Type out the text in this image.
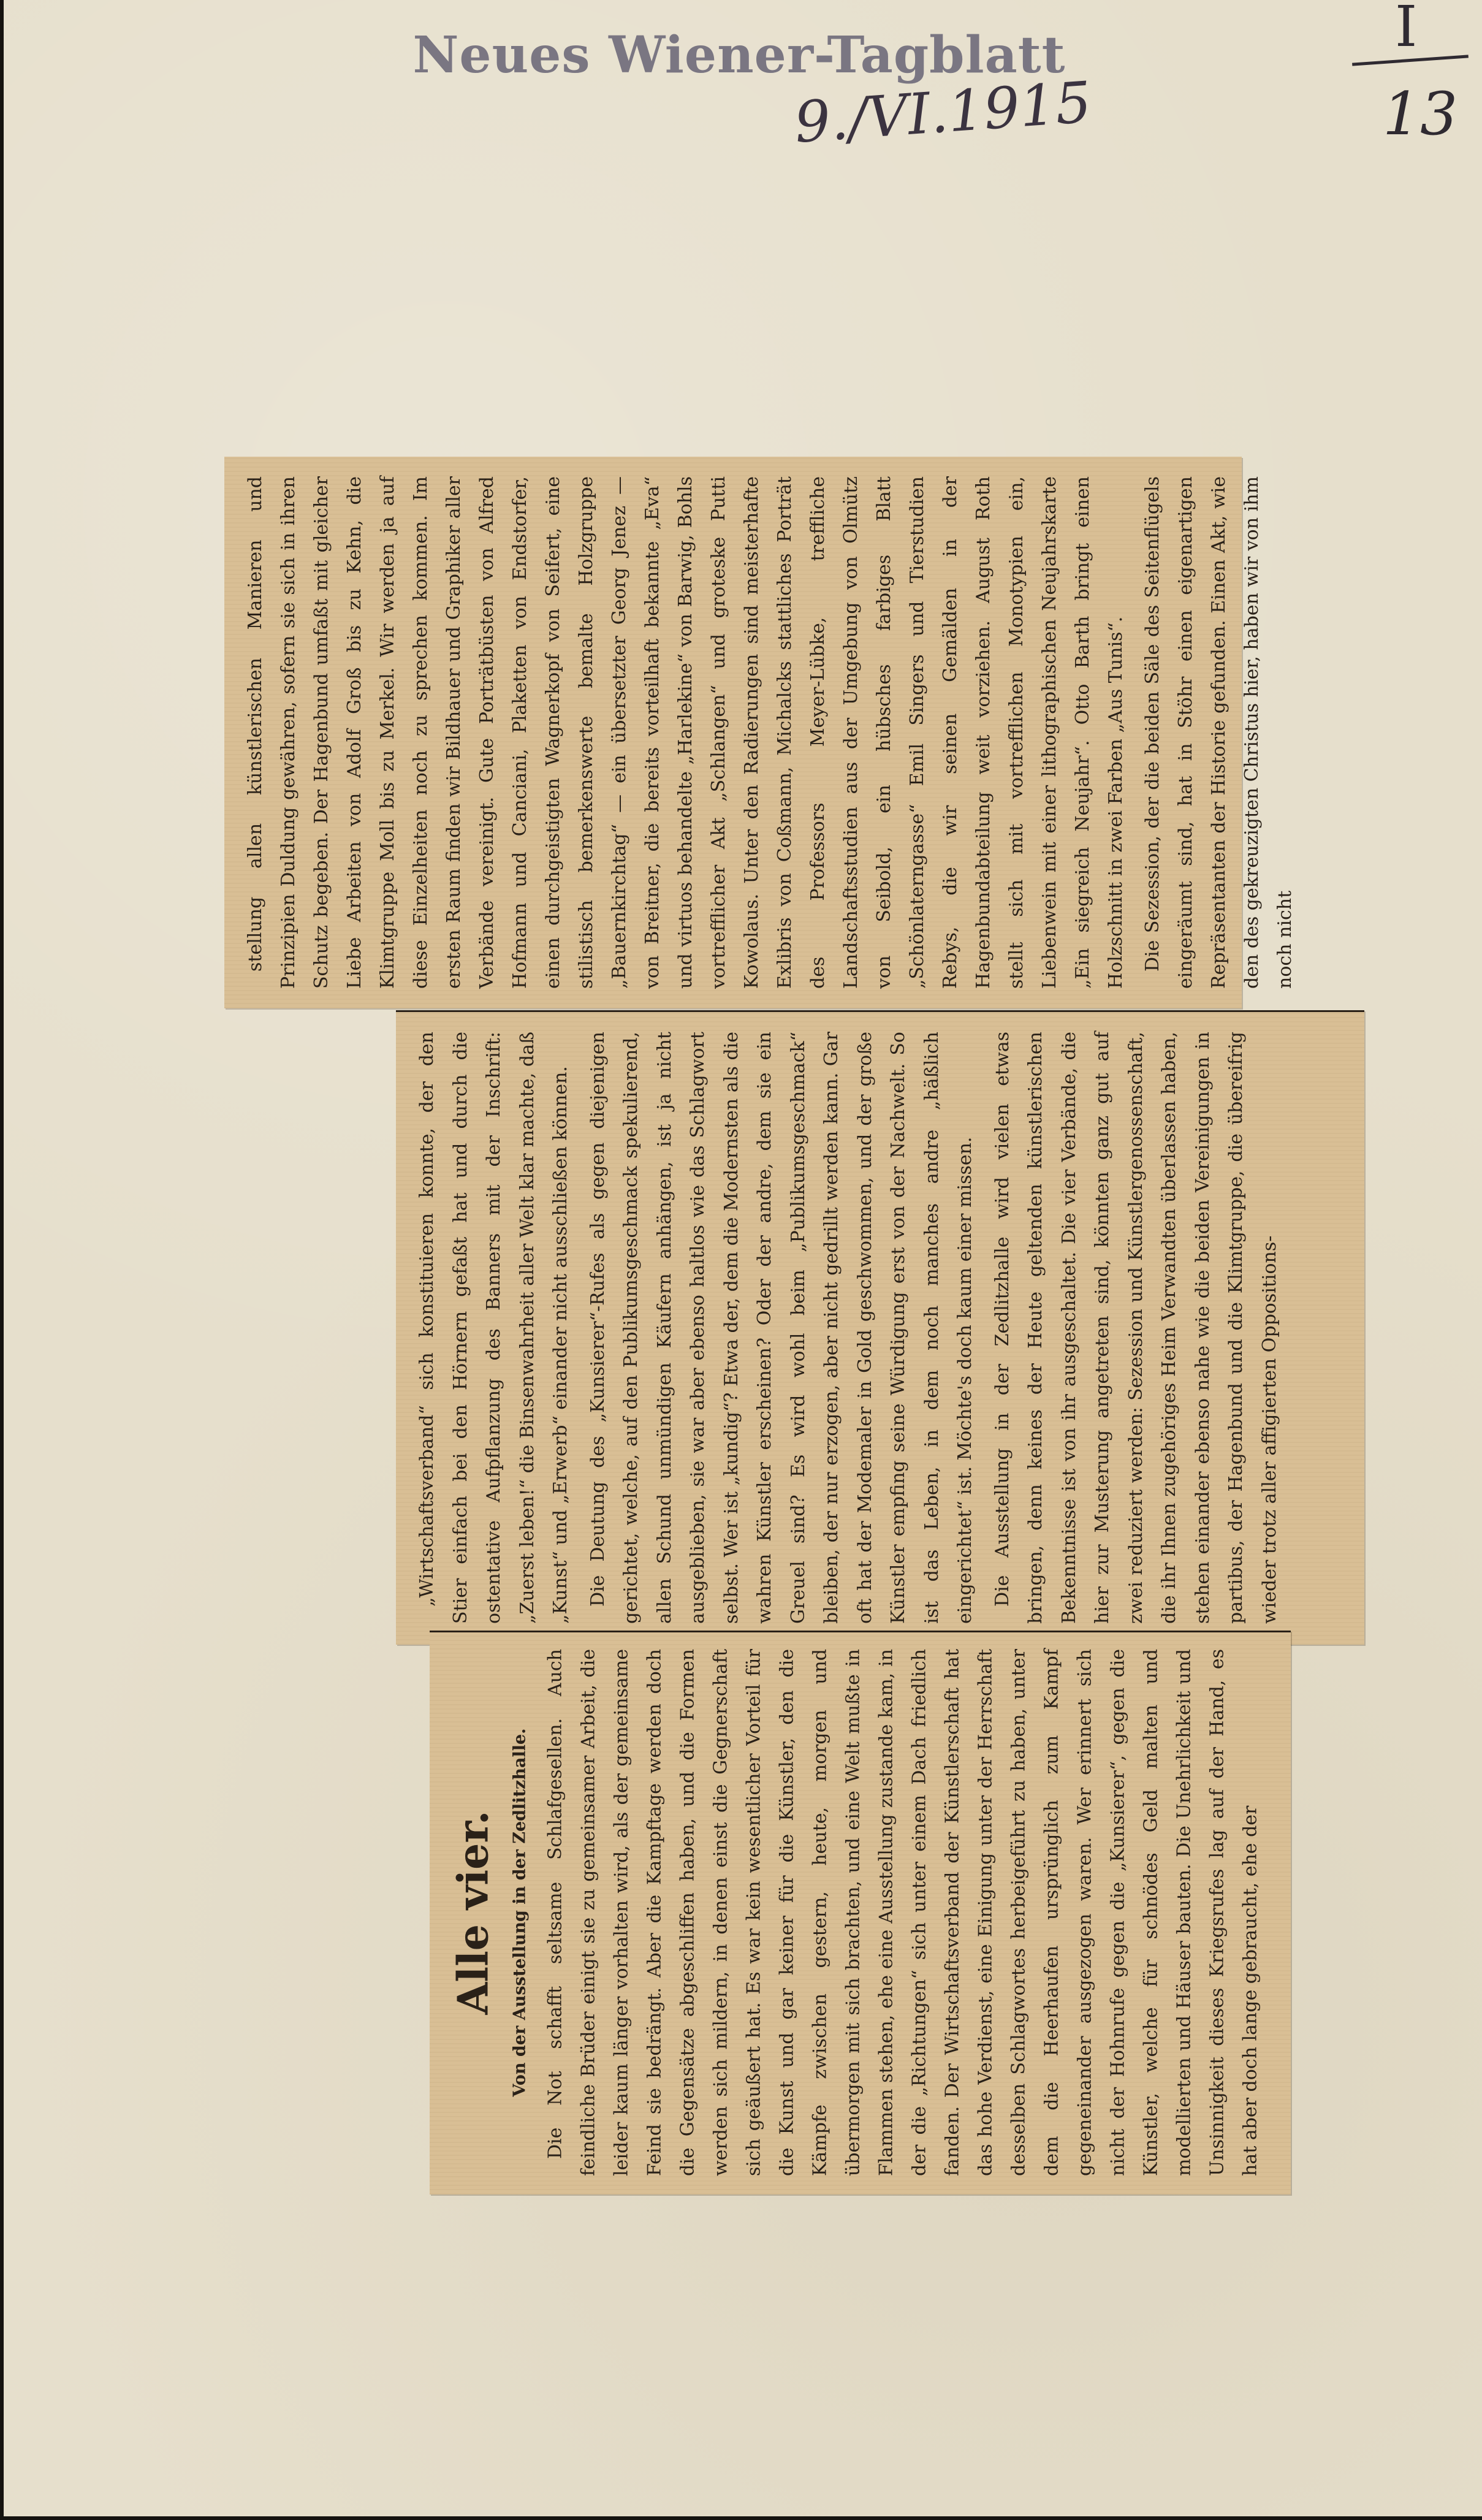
Neues Wiener-Tagblatt
9./VI.1915
I
13

stellung allen künstlerischen Manieren und Prinzipien Duldung gewähren, sofern sie sich in ihren Schutz begeben. Der Hagenbund umfaßt mit gleicher Liebe Arbeiten von Adolf Groß bis zu Kehn, die Klimtgruppe Moll bis zu Merkel. Wir werden ja auf diese Einzelheiten noch zu sprechen kommen. Im ersten Raum finden wir Bildhauer und Graphiker aller Verbände vereinigt. Gute Porträtbüsten von Alfred Hofmann und Canciani, Plaketten von Endstorfer, einen durchgeistigten Wagnerkopf von Seifert, eine stilistisch bemerkenswerte bemalte Holzgruppe „Bauernkirchtag“ — ein übersetzter Georg Jenez — von Breitner, die bereits vorteilhaft bekannte „Eva“ und virtuos behandelte „Harlekine“ von Barwig, Bohls vortrefflicher Akt „Schlangen“ und groteske Putti Kowolaus. Unter den Radierungen sind meisterhafte Exlibris von Coßmann, Michalcks stattliches Porträt des Professors Meyer-Lübke, treffliche Landschaftsstudien aus der Umgebung von Olmütz von Seibold, ein hübsches farbiges Blatt „Schönlaterngasse“ Emil Singers und Tierstudien Rebys, die wir seinen Gemälden in der Hagenbundabteilung weit vorziehen. August Roth stellt sich mit vortrefflichen Monotypien ein, Liebenwein mit einer lithographischen Neujahrskarte „Ein siegreich Neujahr“. Otto Barth bringt einen Holzschnitt in zwei Farben „Aus Tunis“. Die Sezession, der die beiden Säle des Seitenflügels eingeräumt sind, hat in Stöhr einen eigenartigen Repräsentanten der Historie gefunden. Einen Akt, wie den des gekreuzigten Christus hier, haben wir von ihm noch nicht

„Wirtschaftsverband“ sich konstituieren konnte, der den Stier einfach bei den Hörnern gefaßt hat und durch die ostentative Aufpflanzung des Banners mit der Inschrift: „Zuerst leben!“ die Binsenwahrheit aller Welt klar machte, daß „Kunst“ und „Erwerb“ einander nicht ausschließen können. Die Deutung des „Kunsierer“-Rufes als gegen diejenigen gerichtet, welche, auf den Publikumsgeschmack spekulierend, allen Schund unmündigen Käufern anhängen, ist ja nicht ausgeblieben, sie war aber ebenso haltlos wie das Schlagwort selbst. Wer ist „kundig“? Etwa der, dem die Modernsten als die wahren Künstler erscheinen? Oder der andre, dem sie ein Greuel sind? Es wird wohl beim „Publikumsgeschmack“ bleiben, der nur erzogen, aber nicht gedrillt werden kann. Gar oft hat der Modemaler in Gold geschwommen, und der große Künstler empfing seine Würdigung erst von der Nachwelt. So ist das Leben, in dem noch manches andre „häßlich eingerichtet“ ist. Möchte's doch kaum einer missen. Die Ausstellung in der Zedlitzhalle wird vielen etwas bringen, denn keines der Heute geltenden künstlerischen Bekenntnisse ist von ihr ausgeschaltet. Die vier Verbände, die hier zur Musterung angetreten sind, könnten ganz gut auf zwei reduziert werden: Sezession und Künstlergenossenschaft, die ihr Ihnen zugehöriges Heim Verwandten überlassen haben, stehen einander ebenso nahe wie die beiden Vereinigungen in partibus, der Hagenbund und die Klimtgruppe, die übereifrig wieder trotz aller affigierten Oppositions-

Alle vier. Von der Ausstellung in der Zedlitzhalle. Die Not schafft seltsame Schlafgesellen. Auch feindliche Brüder einigt sie zu gemeinsamer Arbeit, die leider kaum länger vorhalten wird, als der gemeinsame Feind sie bedrängt. Aber die Kampftage werden doch die Gegensätze abgeschliffen haben, und die Formen werden sich mildern, in denen einst die Gegnerschaft sich geäußert hat. Es war kein wesentlicher Vorteil für die Kunst und gar keiner für die Künstler, den die Kämpfe zwischen gestern, heute, morgen und übermorgen mit sich brachten, und eine Welt mußte in Flammen stehen, ehe eine Ausstellung zustande kam, in der die „Richtungen“ sich unter einem Dach friedlich fanden. Der Wirtschaftsverband der Künstlerschaft hat das hohe Verdienst, eine Einigung unter der Herrschaft desselben Schlagwortes herbeigeführt zu haben, unter dem die Heerhaufen ursprünglich zum Kampf gegeneinander ausgezogen waren. Wer erinnert sich nicht der Hohnrufe gegen die „Kunsierer“, gegen die Künstler, welche für schnödes Geld malten und modellierten und Häuser bauten. Die Unehrlichkeit und Unsinnigkeit dieses Kriegsrufes lag auf der Hand, es hat aber doch lange gebraucht, ehe der
